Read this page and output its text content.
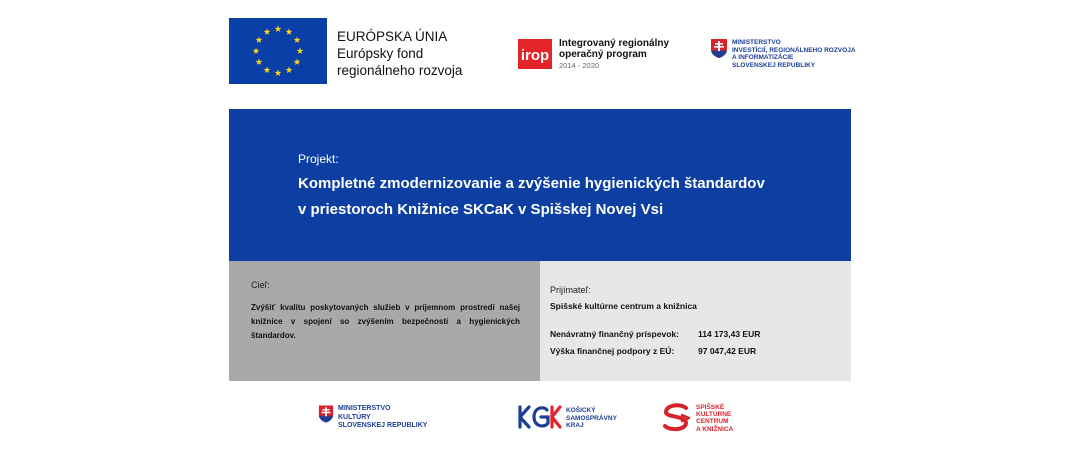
EURÓPSKA ÚNIA
Európsky fond
regionálneho rozvoja
irop
Integrovaný regionálny
operačný program
2014 - 2020
MINISTERSTVO
INVESTÍCIÍ, REGIONÁLNEHO ROZVOJA
A INFORMATIZÁCIE
SLOVENSKEJ REPUBLIKY
Projekt:
Kompletné zmodernizovanie a zvýšenie hygienických štandardov
v priestoroch Knižnice SKCaK v Spišskej Novej Vsi
Cieľ:
Zvýšiť kvalitu poskytovaných služieb v príjemnom prostredí našej knižnice v spojení so zvýšením bezpečnosti a hygienických štandardov.
Prijímateľ:
Spišské kultúrne centrum a knižnica
Nenávratný finančný príspevok: 114 173,43 EUR
Výška finančnej podpory z EÚ:	97 047,42 EUR
MINISTERSTVO
KULTÚRY
SLOVENSKEJ REPUBLIKY
KOŠICKÝ
SAMOSPRÁVNY
KRAJ
SPIŠSKÉ
KULTÚRNE
CENTRUM
A KNIŽNICA
